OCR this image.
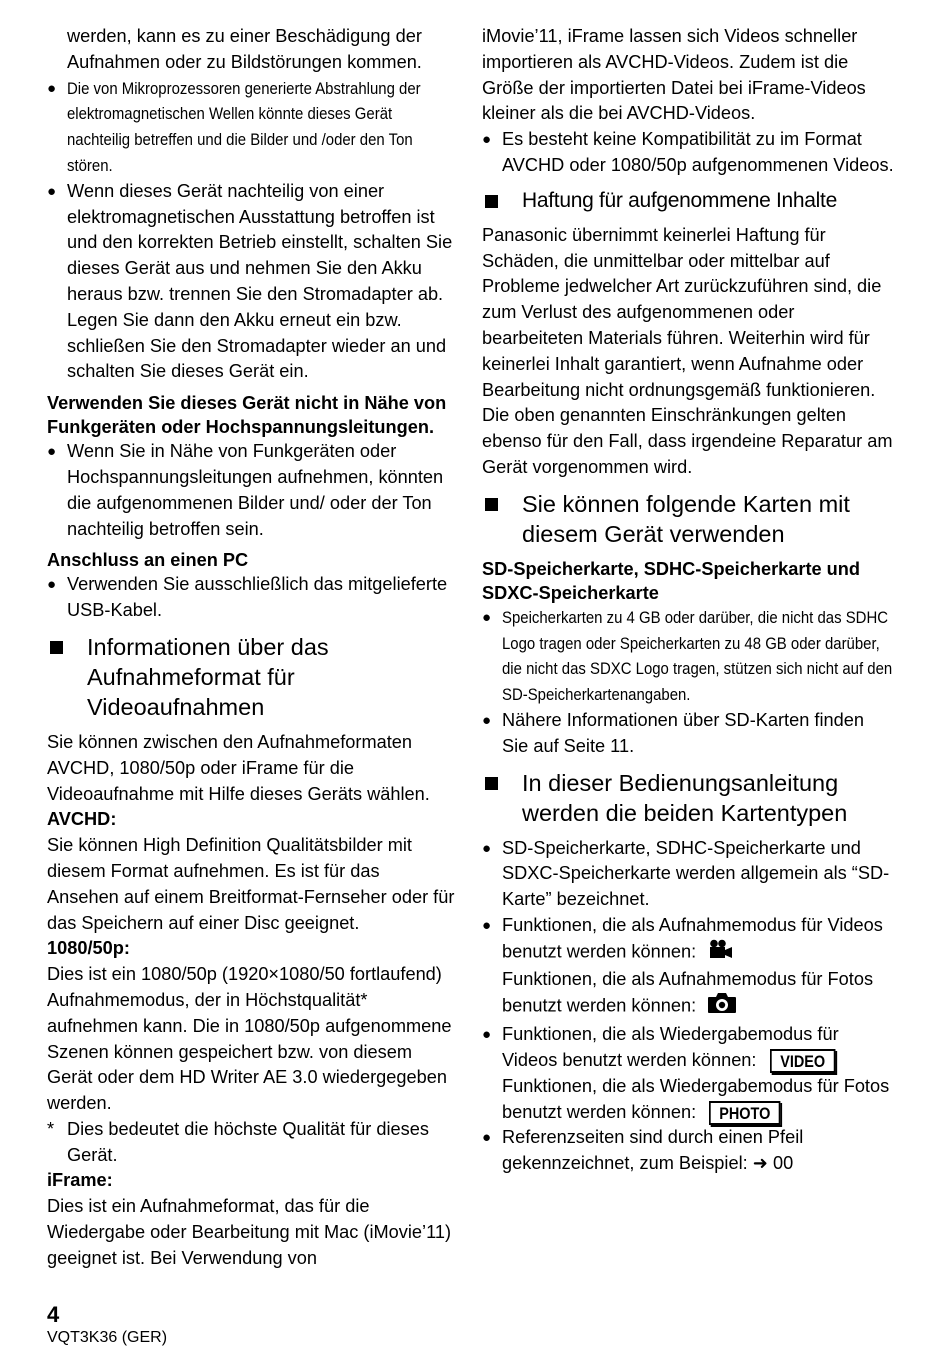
werden, kann es zu einer Beschädigung der Aufnahmen oder zu Bildstörungen kommen.

● Die von Mikroprozessoren generierte Abstrahlung der elektromagnetischen Wellen könnte dieses Gerät nachteilig betreffen und die Bilder und /oder den Ton stören.
● Wenn dieses Gerät nachteilig von einer elektromagnetischen Ausstattung betroffen ist und den korrekten Betrieb einstellt, schalten Sie dieses Gerät aus und nehmen Sie den Akku heraus bzw. trennen Sie den Stromadapter ab. Legen Sie dann den Akku erneut ein bzw. schließen Sie den Stromadapter wieder an und schalten Sie dieses Gerät ein.

Verwenden Sie dieses Gerät nicht in Nähe von Funkgeräten oder Hochspannungsleitungen.

● Wenn Sie in Nähe von Funkgeräten oder Hochspannungsleitungen aufnehmen, könnten die aufgenommenen Bilder und/ oder der Ton nachteilig betroffen sein.

Anschluss an einen PC

● Verwenden Sie ausschließlich das mitgelieferte USB-Kabel.
Informationen über das Aufnahmeformat für Videoaufnahmen

Sie können zwischen den Aufnahmeformaten AVCHD, 1080/50p oder iFrame für die Videoaufnahme mit Hilfe dieses Geräts wählen.

AVCHD:

Sie können High Definition Qualitätsbilder mit diesem Format aufnehmen. Es ist für das Ansehen auf einem Breitformat-Fernseher oder für das Speichern auf einer Disc geeignet.

1080/50p:

Dies ist ein 1080/50p (1920×1080/50 fortlaufend) Aufnahmemodus, der in Höchstqualität* aufnehmen kann. Die in 1080/50p aufgenommene Szenen können gespeichert bzw. von diesem Gerät oder dem HD Writer AE 3.0 wiedergegeben werden.

* Dies bedeutet die höchste Qualität für dieses Gerät.

iFrame:

Dies ist ein Aufnahmeformat, das für die Wiedergabe oder Bearbeitung mit Mac (iMovie’11) geeignet ist. Bei Verwendung von

iMovie’11, iFrame lassen sich Videos schneller importieren als AVCHD-Videos. Zudem ist die Größe der importierten Datei bei iFrame-Videos kleiner als die bei AVCHD-Videos.

● Es besteht keine Kompatibilität zu im Format AVCHD oder 1080/50p aufgenommenen Videos.
Haftung für aufgenommene Inhalte

Panasonic übernimmt keinerlei Haftung für Schäden, die unmittelbar oder mittelbar auf Probleme jedwelcher Art zurückzuführen sind, die zum Verlust des aufgenommenen oder bearbeiteten Materials führen. Weiterhin wird für keinerlei Inhalt garantiert, wenn Aufnahme oder Bearbeitung nicht ordnungsgemäß funktionieren. Die oben genannten Einschränkungen gelten ebenso für den Fall, dass irgendeine Reparatur am Gerät vorgenommen wird.

Sie können folgende Karten mit diesem Gerät verwenden

SD-Speicherkarte, SDHC-Speicherkarte und SDXC-Speicherkarte

● Speicherkarten zu 4 GB oder darüber, die nicht das SDHC Logo tragen oder Speicherkarten zu 48 GB oder darüber, die nicht das SDXC Logo tragen, stützen sich nicht auf den SD-Speicherkartenangaben.
● Nähere Informationen über SD-Karten finden Sie auf Seite 11.
In dieser Bedienungsanleitung werden die beiden Kartentypen
● SD-Speicherkarte, SDHC-Speicherkarte und SDXC-Speicherkarte werden allgemein als “SD-Karte” bezeichnet.
● Funktionen, die als Aufnahmemodus für Videos benutzt werden können:
Funktionen, die als Aufnahmemodus für Fotos benutzt werden können:
● Funktionen, die als Wiedergabemodus für Videos benutzt werden können: VIDEO
Funktionen, die als Wiedergabemodus für Fotos benutzt werden können: PHOTO
● Referenzseiten sind durch einen Pfeil gekennzeichnet, zum Beispiel: ➜ 00
4
VQT3K36 (GER)
